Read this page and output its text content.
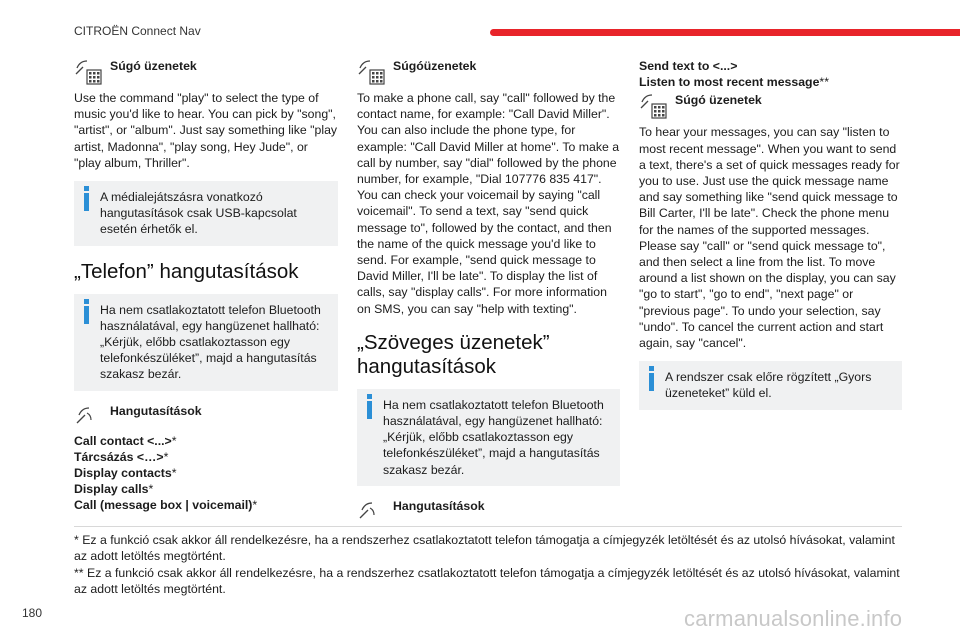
CITROËN Connect Nav
Súgó üzenetek

Use the command "play" to select the type of music you'd like to hear. You can pick by "song", "artist", or "album". Just say something like "play artist, Madonna", "play song, Hey Jude", or "play album, Thriller".

A médialejátszásra vonatkozó hangutasítások csak USB-kapcsolat esetén érhetők el.

„Telefon” hangutasítások

Ha nem csatlakoztatott telefon Bluetooth használatával, egy hangüzenet hallható: „Kérjük, előbb csatlakoztasson egy telefonkészüléket”, majd a hangutasítás szakasz bezár.

Hangutasítások
Call contact <...>*
Tárcsázás <…>*
Display contacts*
Display calls*
Call (message box | voicemail)*
Súgóüzenetek

To make a phone call, say "call" followed by the contact name, for example: "Call David Miller". You can also include the phone type, for example: "Call David Miller at home". To make a call by number, say "dial" followed by the phone number, for example, "Dial 107776 835 417". You can check your voicemail by saying "call voicemail". To send a text, say "send quick message to", followed by the contact, and then the name of the quick message you'd like to send. For example, "send quick message to David Miller, I'll be late". To display the list of calls, say "display calls". For more information on SMS, you can say "help with texting".

„Szöveges üzenetek” hangutasítások

Ha nem csatlakoztatott telefon Bluetooth használatával, egy hangüzenet hallható: „Kérjük, előbb csatlakoztasson egy telefonkészüléket”, majd a hangutasítás szakasz bezár.

Hangutasítások
Send text to <...>
Listen to most recent message**
Súgó üzenetek

To hear your messages, you can say "listen to most recent message". When you want to send a text, there's a set of quick messages ready for you to use. Just use the quick message name and say something like "send quick message to Bill Carter, I'll be late". Check the phone menu for the names of the supported messages. Please say "call" or "send quick message to", and then select a line from the list. To move around a list shown on the display, you can say "go to start", "go to end", "next page" or "previous page". To undo your selection, say "undo". To cancel the current action and start again, say "cancel".

A rendszer csak előre rögzített „Gyors üzeneteket” küld el.

* Ez a funkció csak akkor áll rendelkezésre, ha a rendszerhez csatlakoztatott telefon támogatja a címjegyzék letöltését és az utolsó hívásokat, valamint az adott letöltés megtörtént.

** Ez a funkció csak akkor áll rendelkezésre, ha a rendszerhez csatlakoztatott telefon támogatja a címjegyzék letöltését és az utolsó hívásokat, valamint az adott letöltés megtörtént.

180	carmanualsonline.info
